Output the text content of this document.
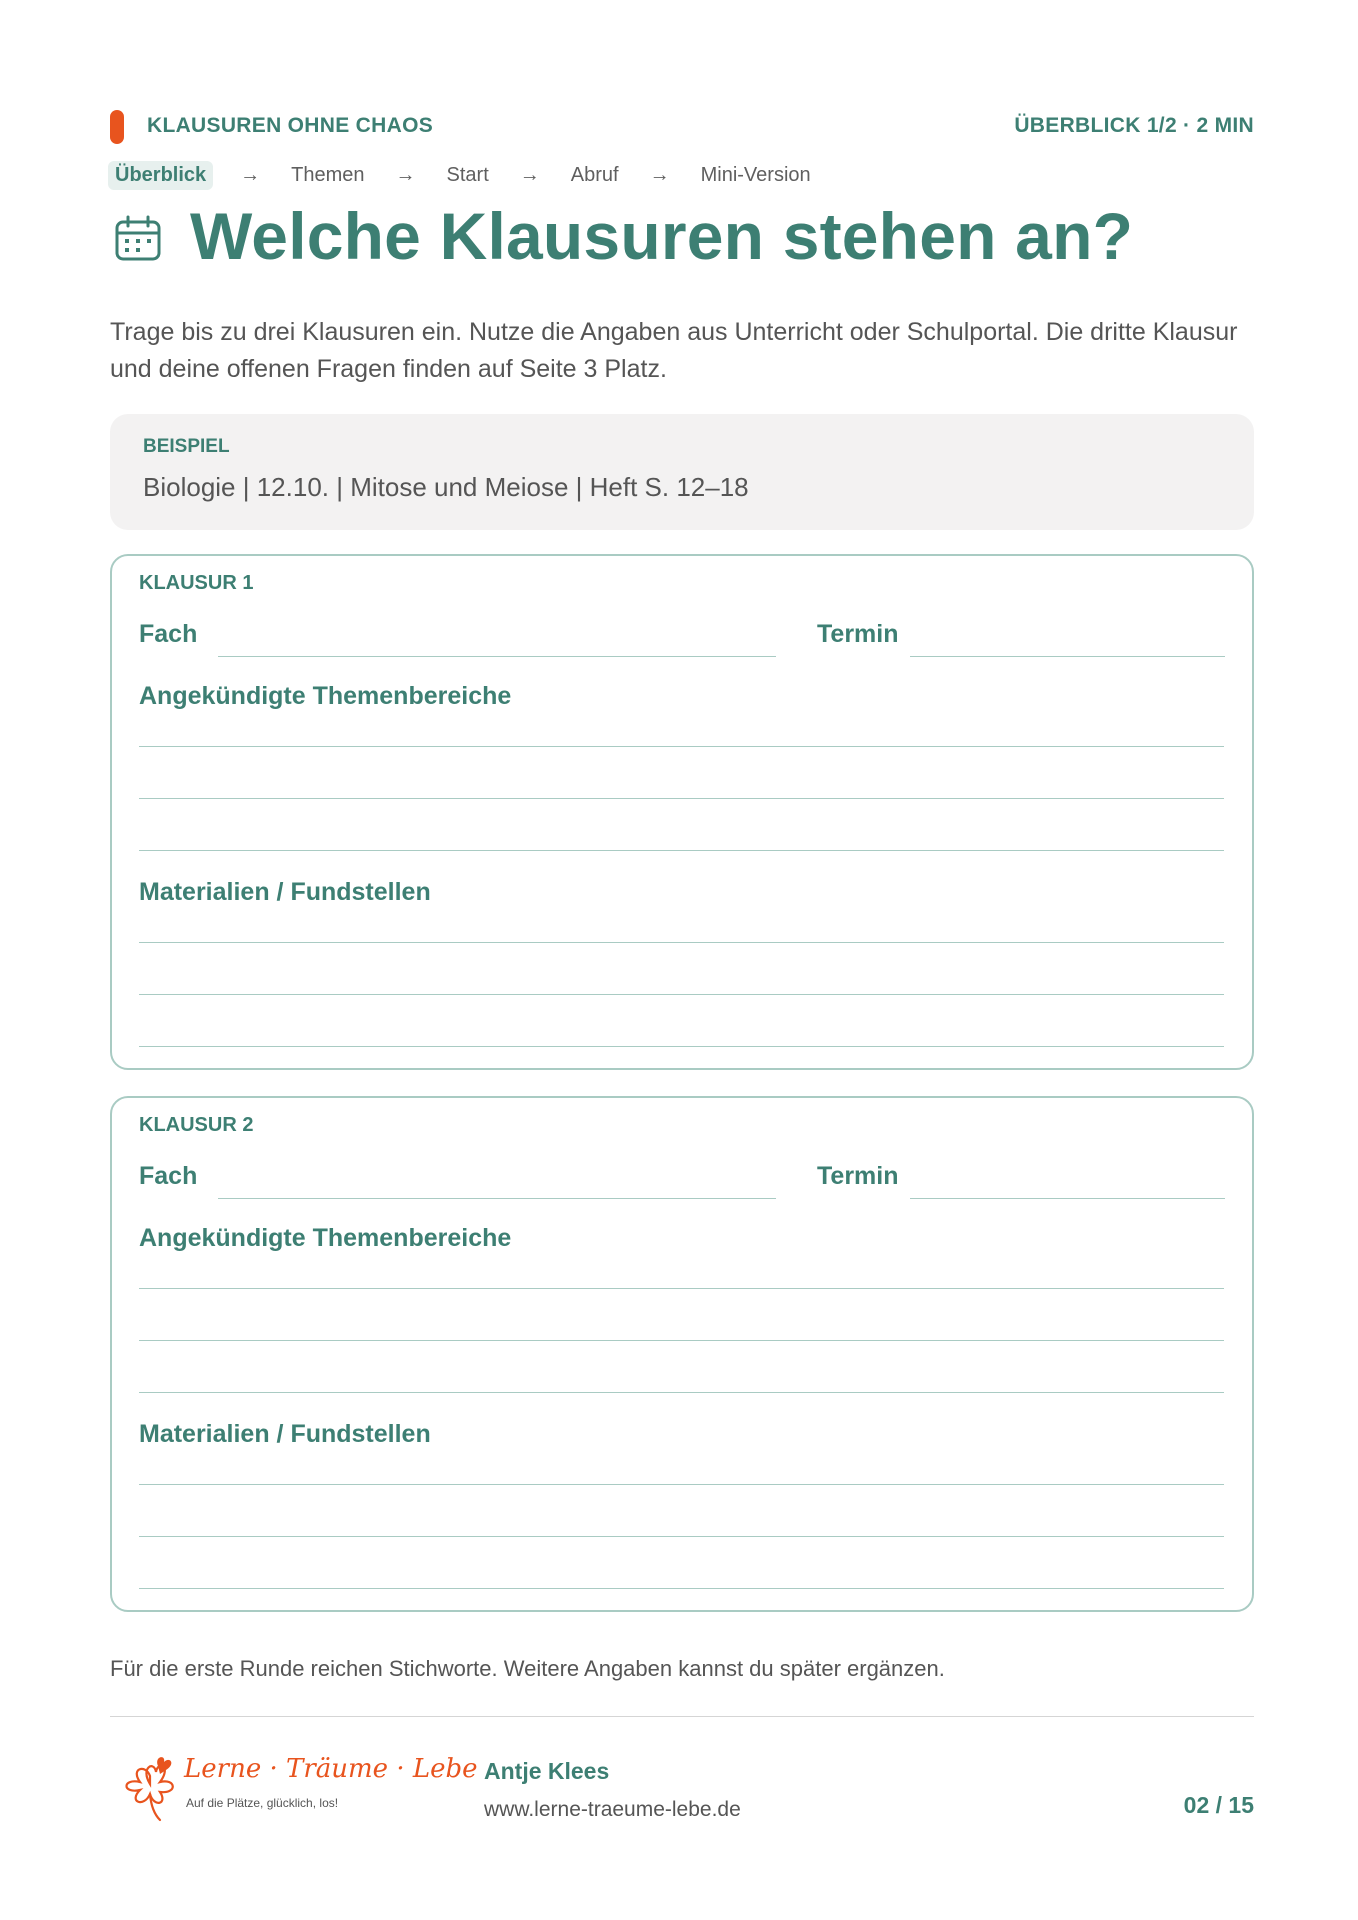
KLAUSUREN OHNE CHAOS	ÜBERBLICK 1/2 · 2 MIN
Überblick	→ Themen → Start → Abruf → Mini-Version
Welche Klausuren stehen an?

Trage bis zu drei Klausuren ein. Nutze die Angaben aus Unterricht oder Schulportal. Die dritte Klausur und deine offenen Fragen finden auf Seite 3 Platz.

BEISPIEL
Biologie | 12.10. | Mitose und Meiose | Heft S. 12–18
KLAUSUR 1
Fach	Termin
Angekündigte Themenbereiche
Materialien / Fundstellen
KLAUSUR 2
Fach	Termin
Angekündigte Themenbereiche
Materialien / Fundstellen

Für die erste Runde reichen Stichworte. Weitere Angaben kannst du später ergänzen.

Lerne · Träume · Lebe
Auf die Plätze, glücklich, los!
Antje Klees
www.lerne-traeume-lebe.de	02 / 15
